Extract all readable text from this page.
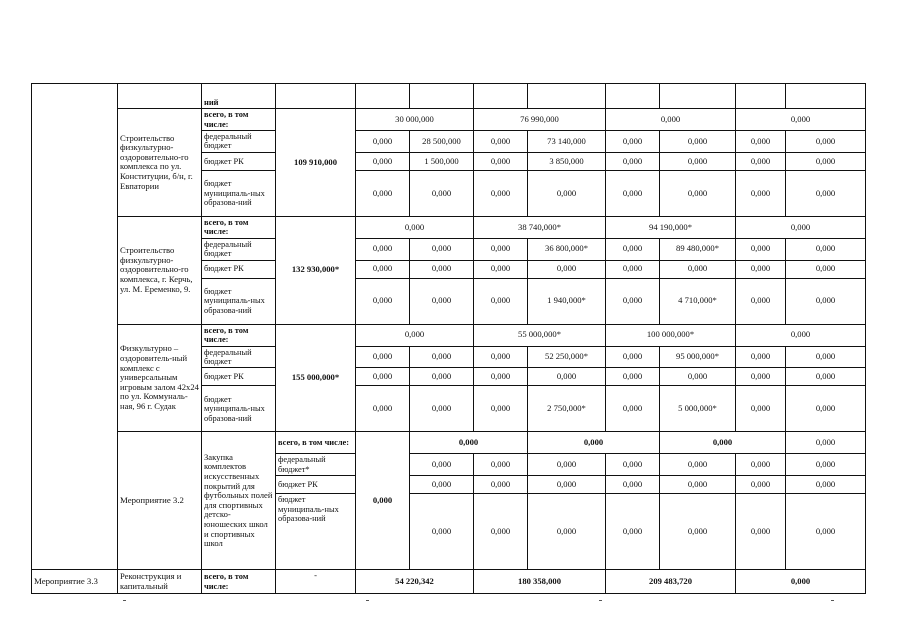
		ний										
	Строительство физкультурно-оздоровительно-го комплекса по ул. Конституции, б/н, г. Евпатории	всего, в том числе:	109 910,000	30 000,000		76 990,000		0,000		0,000		
		федеральный бюджет		0,000	28 500,000	0,000	73 140,000	0,000	0,000	0,000	0,000	
		бюджет РК		0,000	1 500,000	0,000	3 850,000	0,000	0,000	0,000	0,000	
		бюджет муниципаль-ных образова-ний		0,000	0,000	0,000	0,000	0,000	0,000	0,000	0,000	
	Строительство физкультурно-оздоровительно-го комплекса, г. Керчь, ул. М. Еременко, 9.	всего, в том числе:	132 930,000*	0,000		38 740,000*		94 190,000*		0,000		
		федеральный бюджет		0,000	0,000	0,000	36 800,000*	0,000	89 480,000*	0,000	0,000	
		бюджет РК		0,000	0,000	0,000	0,000	0,000	0,000	0,000	0,000	
		бюджет муниципаль-ных образова-ний		0,000	0,000	0,000	1 940,000*	0,000	4 710,000*	0,000	0,000	
	Физкультурно – оздоровитель-ный комплекс с универсальным игровым залом 42х24 по ул. Коммуналь-ная, 96 г. Судак	всего, в том числе:	155 000,000*	0,000		55 000,000*		100 000,000*		0,000		
		федеральный бюджет		0,000	0,000	0,000	52 250,000*	0,000	95 000,000*	0,000	0,000	
		бюджет РК		0,000	0,000	0,000	0,000	0,000	0,000	0,000	0,000	
		бюджет муниципаль-ных образова-ний		0,000	0,000	0,000	2 750,000*	0,000	5 000,000*	0,000	0,000	
	Мероприятие 3.2	Закупка комплектов искусственных покрытий для футбольных полей для спортивных детско-юношеских школ и спортивных школ	всего, в том числе:	0,000	0,000		0,000		0,000		0,000	
			федеральный бюджет*		0,000	0,000	0,000	0,000	0,000	0,000	0,000	
			бюджет РК		0,000	0,000	0,000	0,000	0,000	0,000	0,000	
			бюджет муниципаль-ных образова-ний		0,000	0,000	0,000	0,000	0,000	0,000	0,000	
Мероприятие 3.3	Реконструкция и капитальный	всего, в том числе:	-	54 220,342		180 358,000		209 483,720		0,000		
